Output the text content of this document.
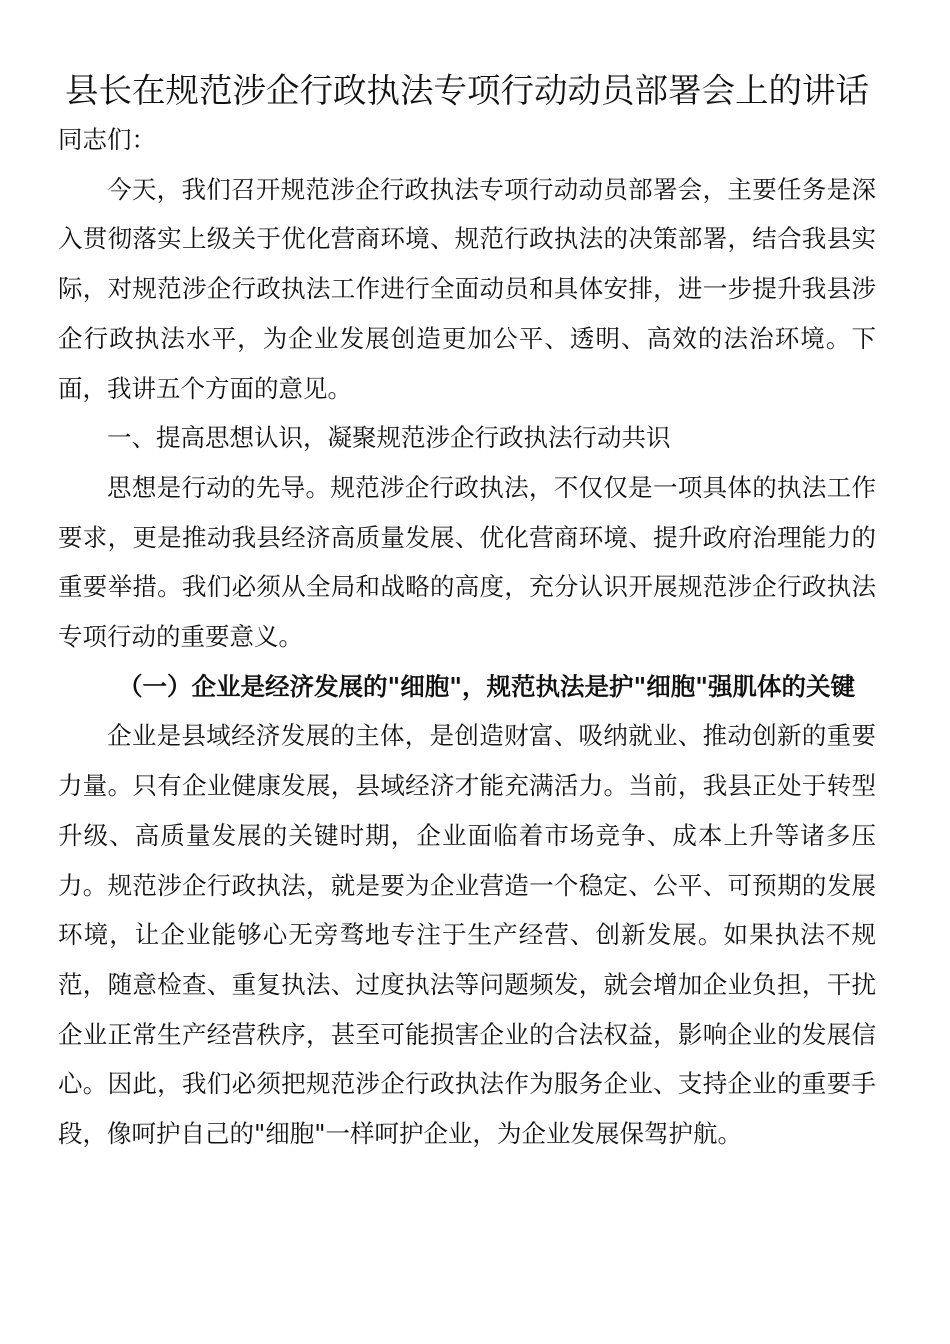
县长在规范涉企行政执法专项行动动员部署会上的讲话

同志们：

今天，我们召开规范涉企行政执法专项行动动员部署会，主要任务是深入贯彻落实上级关于优化营商环境、规范行政执法的决策部署，结合我县实际，对规范涉企行政执法工作进行全面动员和具体安排，进一步提升我县涉企行政执法水平，为企业发展创造更加公平、透明、高效的法治环境。下面，我讲五个方面的意见。

一、提高思想认识，凝聚规范涉企行政执法行动共识

思想是行动的先导。规范涉企行政执法，不仅仅是一项具体的执法工作要求，更是推动我县经济高质量发展、优化营商环境、提升政府治理能力的重要举措。我们必须从全局和战略的高度，充分认识开展规范涉企行政执法专项行动的重要意义。

（一）企业是经济发展的"细胞"，规范执法是护"细胞"强肌体的关键

企业是县域经济发展的主体，是创造财富、吸纳就业、推动创新的重要力量。只有企业健康发展，县域经济才能充满活力。当前，我县正处于转型升级、高质量发展的关键时期，企业面临着市场竞争、成本上升等诸多压力。规范涉企行政执法，就是要为企业营造一个稳定、公平、可预期的发展环境，让企业能够心无旁骛地专注于生产经营、创新发展。如果执法不规范，随意检查、重复执法、过度执法等问题频发，就会增加企业负担，干扰企业正常生产经营秩序，甚至可能损害企业的合法权益，影响企业的发展信心。因此，我们必须把规范涉企行政执法作为服务企业、支持企业的重要手段，像呵护自己的"细胞"一样呵护企业，为企业发展保驾护航。
